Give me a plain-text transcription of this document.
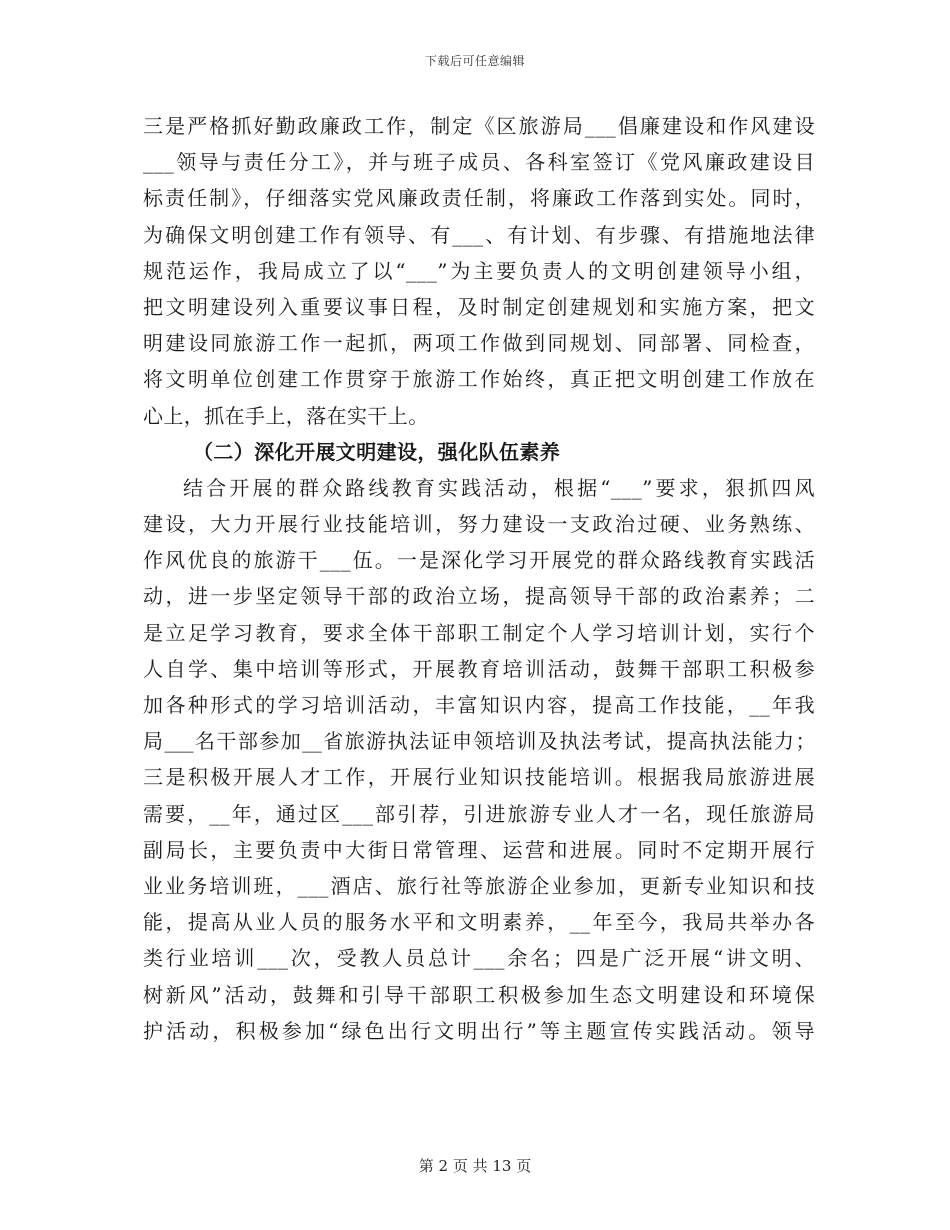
下载后可任意编辑
三是严格抓好勤政廉政工作，制定《区旅游局___倡廉建设和作风建设
___领导与责任分工》，并与班子成员、各科室签订《党风廉政建设目
标责任制》，仔细落实党风廉政责任制，将廉政工作落到实处。同时，
为确保文明创建工作有领导、有___、有计划、有步骤、有措施地法律
规范运作，我局成立了以“___”为主要负责人的文明创建领导小组，
把文明建设列入重要议事日程，及时制定创建规划和实施方案，把文
明建设同旅游工作一起抓，两项工作做到同规划、同部署、同检查，
将文明单位创建工作贯穿于旅游工作始终，真正把文明创建工作放在
心上，抓在手上，落在实干上。
（二）深化开展文明建设，强化队伍素养
结合开展的群众路线教育实践活动，根据“___”要求，狠抓四风
建设，大力开展行业技能培训，努力建设一支政治过硬、业务熟练、
作风优良的旅游干___伍。一是深化学习开展党的群众路线教育实践活
动，进一步坚定领导干部的政治立场，提高领导干部的政治素养；二
是立足学习教育，要求全体干部职工制定个人学习培训计划，实行个
人自学、集中培训等形式，开展教育培训活动，鼓舞干部职工积极参
加各种形式的学习培训活动，丰富知识内容，提高工作技能，__年我
局___名干部参加__省旅游执法证申领培训及执法考试，提高执法能力；
三是积极开展人才工作，开展行业知识技能培训。根据我局旅游进展
需要，__年，通过区___部引荐，引进旅游专业人才一名，现任旅游局
副局长，主要负责中大街日常管理、运营和进展。同时不定期开展行
业业务培训班，___酒店、旅行社等旅游企业参加，更新专业知识和技
能，提高从业人员的服务水平和文明素养，__年至今，我局共举办各
类行业培训___次，受教人员总计___余名；四是广泛开展“讲文明、
树新风”活动，鼓舞和引导干部职工积极参加生态文明建设和环境保
护活动，积极参加“绿色出行文明出行”等主题宣传实践活动。领导
第 2 页 共 13 页
